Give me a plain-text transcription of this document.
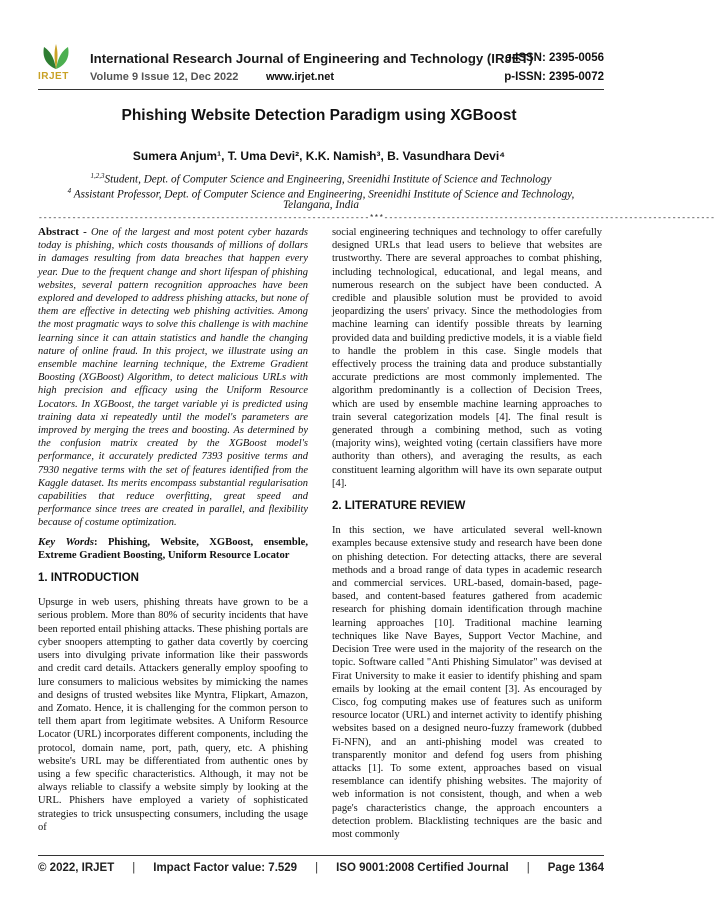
IRJET
International Research Journal of Engineering and Technology (IRJET)
e-ISSN: 2395-0056
Volume 9 Issue 12, Dec 2022	www.irjet.net	p-ISSN: 2395-0072
Phishing Website Detection Paradigm using XGBoost
Sumera Anjum¹, T. Uma Devi², K.K. Namish³, B. Vasundhara Devi⁴
$^{1,2,3}$Student, Dept. of Computer Science and Engineering, Sreenidhi Institute of Science and Technology
$^4$ Assistant Professor, Dept. of Computer Science and Engineering, Sreenidhi Institute of Science and Technology,
Telangana, India
---------------------------------------------------------------------***---------------------------------------------------------------------

Abstract - One of the largest and most potent cyber hazards today is phishing, which costs thousands of millions of dollars in damages resulting from data breaches that happen every year. Due to the frequent change and short lifespan of phishing websites, several pattern recognition approaches have been explored and developed to address phishing attacks, but none of them are effective in detecting web phishing activities. Among the most pragmatic ways to solve this challenge is with machine learning since it can attain statistics and handle the changing nature of online fraud. In this project, we illustrate using an ensemble machine learning technique, the Extreme Gradient Boosting (XGBoost) Algorithm, to detect malicious URLs with high precision and efficacy using the Uniform Resource Locators. In XGBoost, the target variable yi is predicted using training data xi repeatedly until the model's parameters are improved by merging the trees and boosting. As determined by the confusion matrix created by the XGBoost model's performance, it accurately predicted 7393 positive terms and 7930 negative terms with the set of features identified from the Kaggle dataset. Its merits encompass substantial regularisation capabilities that reduce overfitting, great speed and performance since trees are created in parallel, and flexibility because of costume optimization.

Key Words: Phishing, Website, XGBoost, ensemble, Extreme Gradient Boosting, Uniform Resource Locator

1. INTRODUCTION

Upsurge in web users, phishing threats have grown to be a serious problem. More than 80% of security incidents that have been reported entail phishing attacks. These phishing portals are cyber snoopers attempting to gather data covertly by coercing users into divulging private information like their passwords and credit card details. Attackers generally employ spoofing to lure consumers to malicious websites by mimicking the names and designs of trusted websites like Myntra, Flipkart, Amazon, and Zomato. Hence, it is challenging for the common person to tell them apart from legitimate websites. A Uniform Resource Locator (URL) incorporates different components, including the protocol, domain name, port, path, query, etc. A phishing website's URL may be differentiated from authentic ones by using a few specific characteristics. Although, it may not be always reliable to classify a website simply by looking at the URL. Phishers have employed a variety of sophisticated strategies to trick unsuspecting consumers, including the usage of

social engineering techniques and technology to offer carefully designed URLs that lead users to believe that websites are trustworthy. There are several approaches to combat phishing, including technological, educational, and legal means, and numerous research on the subject have been conducted. A credible and plausible solution must be provided to avoid jeopardizing the users' privacy. Since the methodologies from machine learning can identify possible threats by learning provided data and building predictive models, it is a viable field to handle the problem in this case. Single models that effectively process the training data and produce substantially accurate predictions are most commonly implemented. The algorithm predominantly is a collection of Decision Trees, which are used by ensemble machine learning approaches to train several categorization models [4]. The final result is generated through a combining method, such as voting (majority wins), weighted voting (certain classifiers have more authority than others), and averaging the results, as each constituent learning algorithm will have its own separate output [4].

2. LITERATURE REVIEW

In this section, we have articulated several well-known examples because extensive study and research have been done on phishing detection. For detecting attacks, there are several methods and a broad range of data types in academic research and commercial services. URL-based, domain-based, page-based, and content-based features gathered from academic research for phishing domain identification through machine learning approaches [10]. Traditional machine learning techniques like Nave Bayes, Support Vector Machine, and Decision Tree were used in the majority of the research on the topic. Software called "Anti Phishing Simulator" was devised at Firat University to make it easier to identify phishing and spam emails by looking at the email content [3]. As encouraged by Cisco, fog computing makes use of features such as uniform resource locator (URL) and internet activity to identify phishing websites based on a designed neuro-fuzzy framework (dubbed Fi-NFN), and an anti-phishing model was created to transparently monitor and defend fog users from phishing attacks [1]. To some extent, approaches based on visual resemblance can identify phishing websites. The majority of web information is not consistent, though, and when a web page's characteristics change, the approach encounters a detection problem. Blacklisting techniques are the basic and most commonly

© 2022, IRJET | Impact Factor value: 7.529 | ISO 9001:2008 Certified Journal | Page 1364
